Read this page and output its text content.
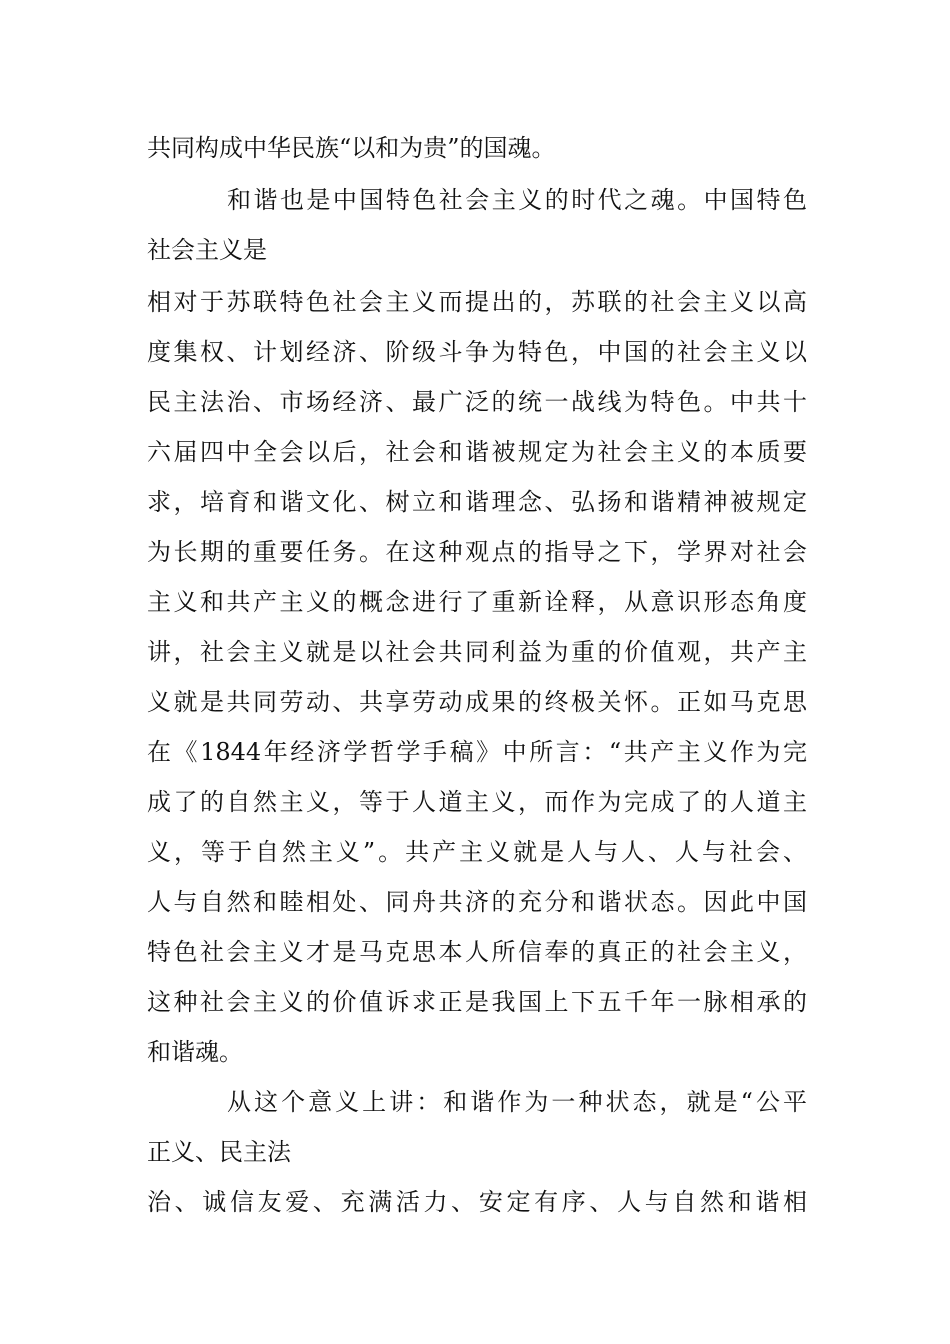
共同构成中华民族“以和为贵”的国魂。
和谐也是中国特色社会主义的时代之魂。中国特色
社会主义是
相对于苏联特色社会主义而提出的，苏联的社会主义以高
度集权、计划经济、阶级斗争为特色，中国的社会主义以
民主法治、市场经济、最广泛的统一战线为特色。中共十
六届四中全会以后，社会和谐被规定为社会主义的本质要
求，培育和谐文化、树立和谐理念、弘扬和谐精神被规定
为长期的重要任务。在这种观点的指导之下，学界对社会
主义和共产主义的概念进行了重新诠释，从意识形态角度
讲，社会主义就是以社会共同利益为重的价值观，共产主
义就是共同劳动、共享劳动成果的终极关怀。正如马克思
在《1844年经济学哲学手稿》中所言：“共产主义作为完
成了的自然主义，等于人道主义，而作为完成了的人道主
义，等于自然主义”。共产主义就是人与人、人与社会、
人与自然和睦相处、同舟共济的充分和谐状态。因此中国
特色社会主义才是马克思本人所信奉的真正的社会主义，
这种社会主义的价值诉求正是我国上下五千年一脉相承的
和谐魂。
从这个意义上讲：和谐作为一种状态，就是“公平
正义、民主法
治、诚信友爱、充满活力、安定有序、人与自然和谐相
